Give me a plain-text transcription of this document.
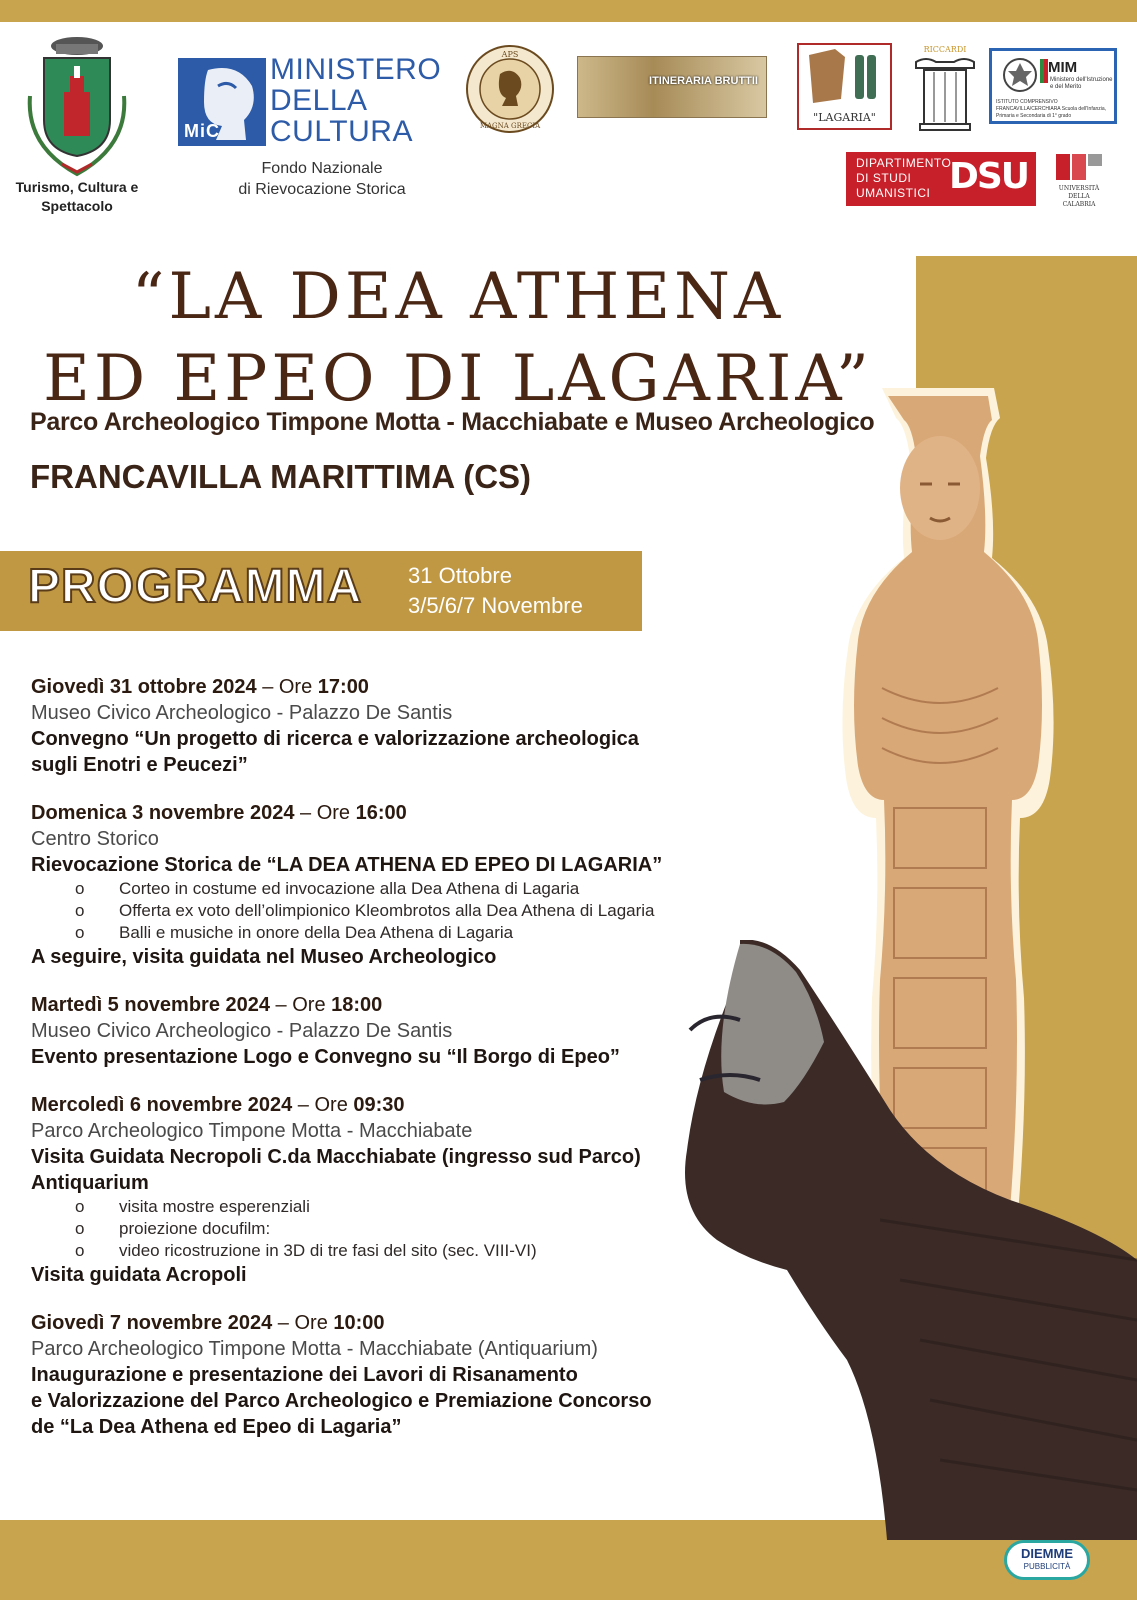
Turismo, Cultura e Spettacolo
MiC
MINISTERO
DELLA
CULTURA
Fondo Nazionale
di Rievocazione Storica
APS
MAGNA GRECIA
ITINERARIA BRUTTII
"LAGARIA"
RICCARDI
MIM
Ministero dell'Istruzione e del Merito
ISTITUTO COMPRENSIVO FRANCAVILLA/CERCHIARA Scuola dell'Infanzia, Primaria e Secondaria di 1° grado
DIPARTIMENTO
DI STUDI
UMANISTICI DSU	UNIVERSITÀ
DELLA
CALABRIA
“LA DEA ATHENA
ED EPEO DI LAGARIA”
Parco Archeologico Timpone Motta - Macchiabate e Museo Archeologico
FRANCAVILLA MARITTIMA (CS)
PROGRAMMA 31 Ottobre
3/5/6/7 Novembre
Giovedì 31 ottobre 2024 – Ore 17:00
Museo Civico Archeologico - Palazzo De Santis
Convegno “Un progetto di ricerca e valorizzazione archeologica sugli Enotri e Peucezi”
Domenica 3 novembre 2024 – Ore 16:00
Centro Storico
Rievocazione Storica de “LA DEA ATHENA ED EPEO DI LAGARIA”
o Corteo in costume ed invocazione alla Dea Athena di Lagaria
o Offerta ex voto dell’olimpionico Kleombrotos alla Dea Athena di Lagaria
o Balli e musiche in onore della Dea Athena di Lagaria
A seguire, visita guidata nel Museo Archeologico
Martedì 5 novembre 2024 – Ore 18:00
Museo Civico Archeologico - Palazzo De Santis
Evento presentazione Logo e Convegno su “Il Borgo di Epeo”
Mercoledì 6 novembre 2024 – Ore 09:30
Parco Archeologico Timpone Motta - Macchiabate
Visita Guidata Necropoli C.da Macchiabate (ingresso sud Parco)
Antiquarium
o visita mostre esperenziali
o proiezione docufilm:
o video ricostruzione in 3D di tre fasi del sito (sec. VIII-VI)
Visita guidata Acropoli
Giovedì 7 novembre 2024 – Ore 10:00
Parco Archeologico Timpone Motta - Macchiabate (Antiquarium)
Inaugurazione e presentazione dei Lavori di Risanamento
e Valorizzazione del Parco Archeologico e Premiazione Concorso
de “La Dea Athena ed Epeo di Lagaria”
DIEMME
PUBBLICITÀ
